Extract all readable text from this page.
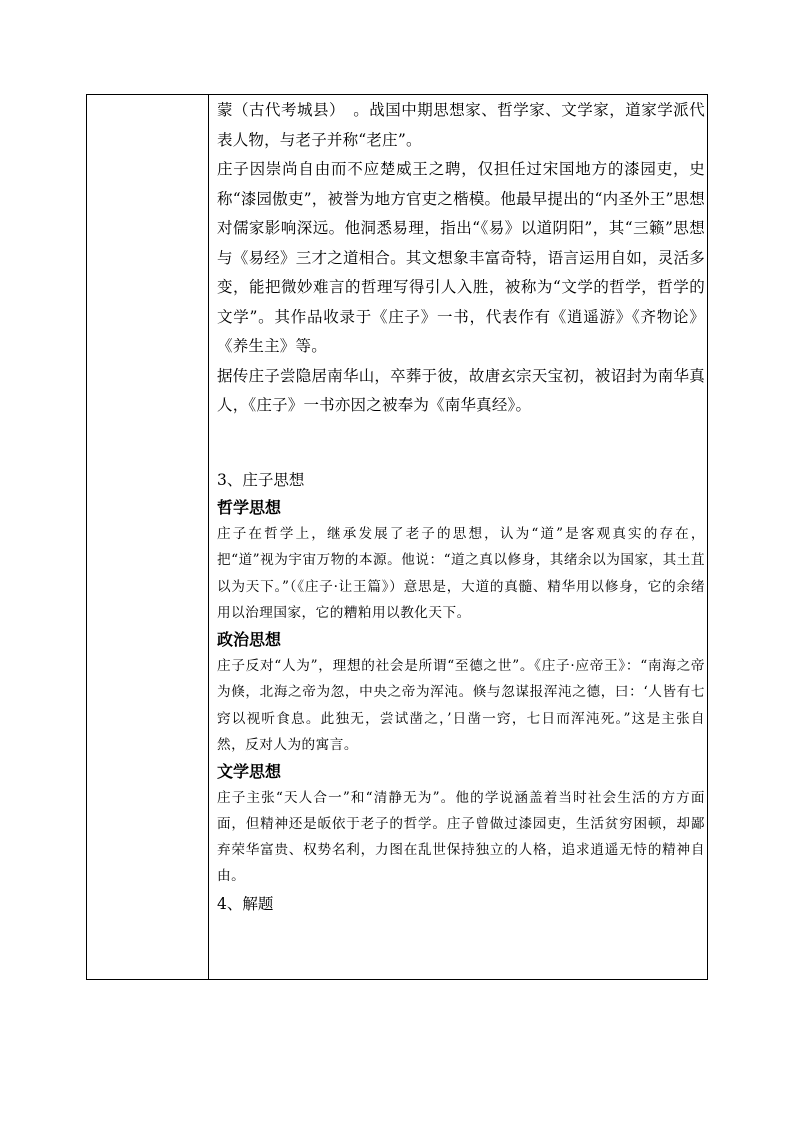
蒙（古代考城县）　。战国中期思想家、哲学家、文学家，道家学派代表人物，与老子并称“老庄”。

庄子因崇尚自由而不应楚威王之聘，仅担任过宋国地方的漆园吏，史称“漆园傲吏”，被誉为地方官吏之楷模。他最早提出的“内圣外王”思想对儒家影响深远。他洞悉易理，指出“《易》以道阴阳”，其“三籁”思想与《易经》三才之道相合。其文想象丰富奇特，语言运用自如，灵活多变，能把微妙难言的哲理写得引人入胜，被称为“文学的哲学，哲学的文学”。其作品收录于《庄子》一书，代表作有《逍遥游》《齐物论》《养生主》等。

据传庄子尝隐居南华山，卒葬于彼，故唐玄宗天宝初，被诏封为南华真人，《庄子》一书亦因之被奉为《南华真经》。

3、庄子思想

哲学思想

庄子在哲学上，继承发展了老子的思想，认为“道”是客观真实的存在，把“道”视为宇宙万物的本源。他说：“道之真以修身，其绪余以为国家，其土苴以为天下。”（《庄子·让王篇》）意思是，大道的真髓、精华用以修身，它的余绪用以治理国家，它的糟粕用以教化天下。

政治思想

庄子反对“人为”，理想的社会是所谓“至德之世”。《庄子·应帝王》：“南海之帝为倏，北海之帝为忽，中央之帝为浑沌。倏与忽谋报浑沌之德，曰：‘人皆有七窍以视听食息。此独无，尝试凿之，’日凿一窍，七日而浑沌死。”这是主张自然，反对人为的寓言。

文学思想

庄子主张“天人合一”和“清静无为”。他的学说涵盖着当时社会生活的方方面面，但精神还是皈依于老子的哲学。庄子曾做过漆园吏，生活贫穷困顿，却鄙弃荣华富贵、权势名利，力图在乱世保持独立的人格，追求逍遥无恃的精神自由。

4、解题
